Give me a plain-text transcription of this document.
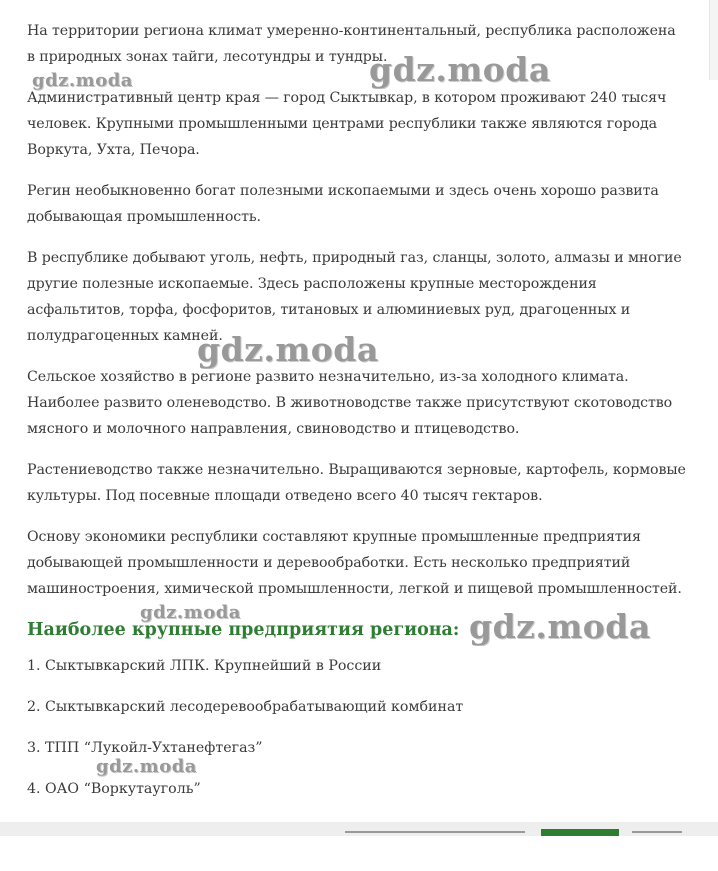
На территории региона климат умеренно-континентальный, республика расположена в природных зонах тайги, лесотундры и тундры.

Административный центр края — город Сыктывкар, в котором проживают 240 тысяч человек. Крупными промышленными центрами республики также являются города Воркута, Ухта, Печора.

Регин необыкновенно богат полезными ископаемыми и здесь очень хорошо развита добывающая промышленность.

В республике добывают уголь, нефть, природный газ, сланцы, золото, алмазы и многие другие полезные ископаемые. Здесь расположены крупные месторождения асфальтитов, торфа, фосфоритов, титановых и алюминиевых руд, драгоценных и полудрагоценных камней.

Сельское хозяйство в регионе развито незначительно, из-за холодного климата. Наиболее развито оленеводство. В животноводстве также присутствуют скотоводство мясного и молочного направления, свиноводство и птицеводство.

Растениеводство также незначительно. Выращиваются зерновые, картофель, кормовые культуры. Под посевные площади отведено всего 40 тысяч гектаров.

Основу экономики республики составляют крупные промышленные предприятия добывающей промышленности и деревообработки. Есть несколько предприятий машиностроения, химической промышленности, легкой и пищевой промышленностей.

Наиболее крупные предприятия региона:
1. Сыктывкарский ЛПК. Крупнейший в России
2. Сыктывкарский лесодеревообрабатывающий комбинат
3. ТПП “Лукойл-Ухтанефтегаз”
4. ОАО “Воркутауголь”
gdz.moda	gdz.moda
gdz.moda
gdz.moda	gdz.moda
gdz.moda
